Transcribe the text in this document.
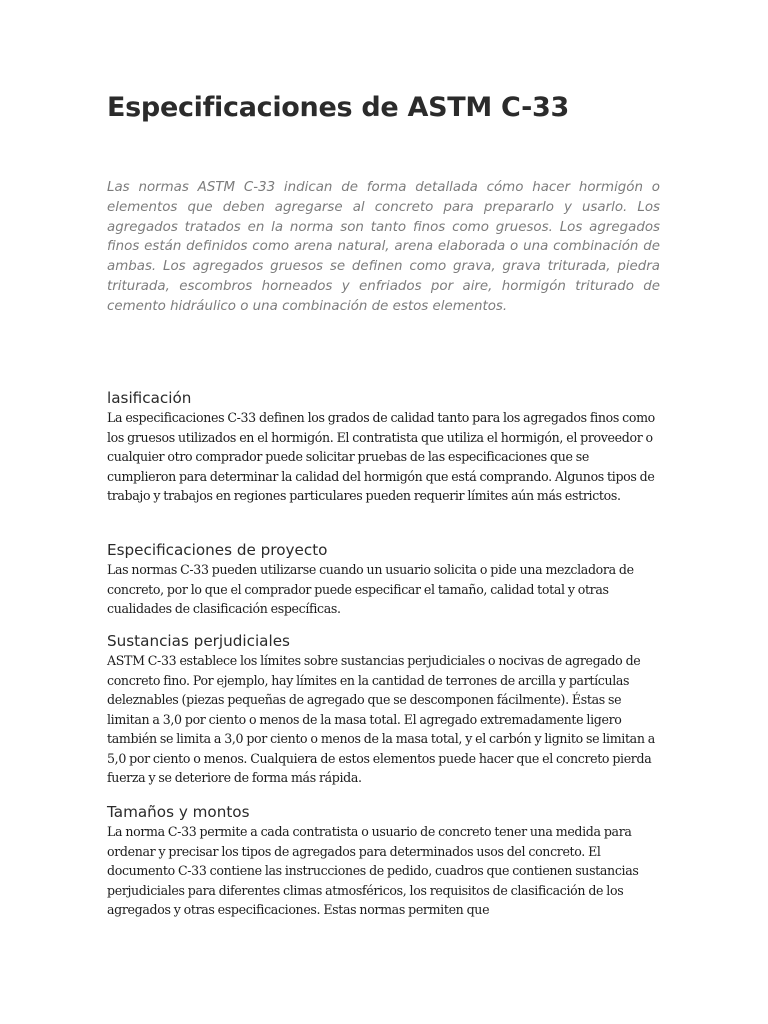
Especificaciones de ASTM C-33

Las normas ASTM C-33 indican de forma detallada cómo hacer hormigón o elementos que deben agregarse al concreto para prepararlo y usarlo. Los agregados tratados en la norma son tanto finos como gruesos. Los agregados finos están definidos como arena natural, arena elaborada o una combinación de ambas. Los agregados gruesos se definen como grava, grava triturada, piedra triturada, escombros horneados y enfriados por aire, hormigón triturado de cemento hidráulico o una combinación de estos elementos.

lasificación

La especificaciones C-33 definen los grados de calidad tanto para los agregados finos como los gruesos utilizados en el hormigón. El contratista que utiliza el hormigón, el proveedor o cualquier otro comprador puede solicitar pruebas de las especificaciones que se cumplieron para determinar la calidad del hormigón que está comprando. Algunos tipos de trabajo y trabajos en regiones particulares pueden requerir límites aún más estrictos.

Especificaciones de proyecto

Las normas C-33 pueden utilizarse cuando un usuario solicita o pide una mezcladora de concreto, por lo que el comprador puede especificar el tamaño, calidad total y otras cualidades de clasificación específicas.

Sustancias perjudiciales

ASTM C-33 establece los límites sobre sustancias perjudiciales o nocivas de agregado de concreto fino. Por ejemplo, hay límites en la cantidad de terrones de arcilla y partículas deleznables (piezas pequeñas de agregado que se descomponen fácilmente). Éstas se limitan a 3,0 por ciento o menos de la masa total. El agregado extremadamente ligero también se limita a 3,0 por ciento o menos de la masa total, y el carbón y lignito se limitan a 5,0 por ciento o menos. Cualquiera de estos elementos puede hacer que el concreto pierda fuerza y se deteriore de forma más rápida.

Tamaños y montos

La norma C-33 permite a cada contratista o usuario de concreto tener una medida para ordenar y precisar los tipos de agregados para determinados usos del concreto. El documento C-33 contiene las instrucciones de pedido, cuadros que contienen sustancias perjudiciales para diferentes climas atmosféricos, los requisitos de clasificación de los agregados y otras especificaciones. Estas normas permiten que
